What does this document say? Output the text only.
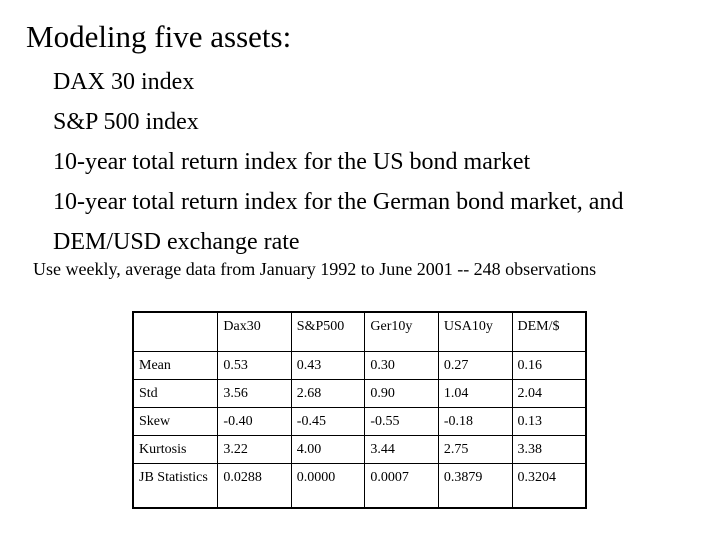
Modeling five assets:
DAX 30 index
S&P 500 index
10-year total return index for the US bond market
10-year total return index for the German bond market, and
DEM/USD exchange rate
Use weekly, average data from January 1992 to June 2001 -- 248 observations
	Dax30	S&P500	Ger10y	USA10y	DEM/$
Mean	0.53	0.43	0.30	0.27	0.16
Std	3.56	2.68	0.90	1.04	2.04
Skew	-0.40	-0.45	-0.55	-0.18	0.13
Kurtosis	3.22	4.00	3.44	2.75	3.38
JB Statistics	0.0288	0.0000	0.0007	0.3879	0.3204
